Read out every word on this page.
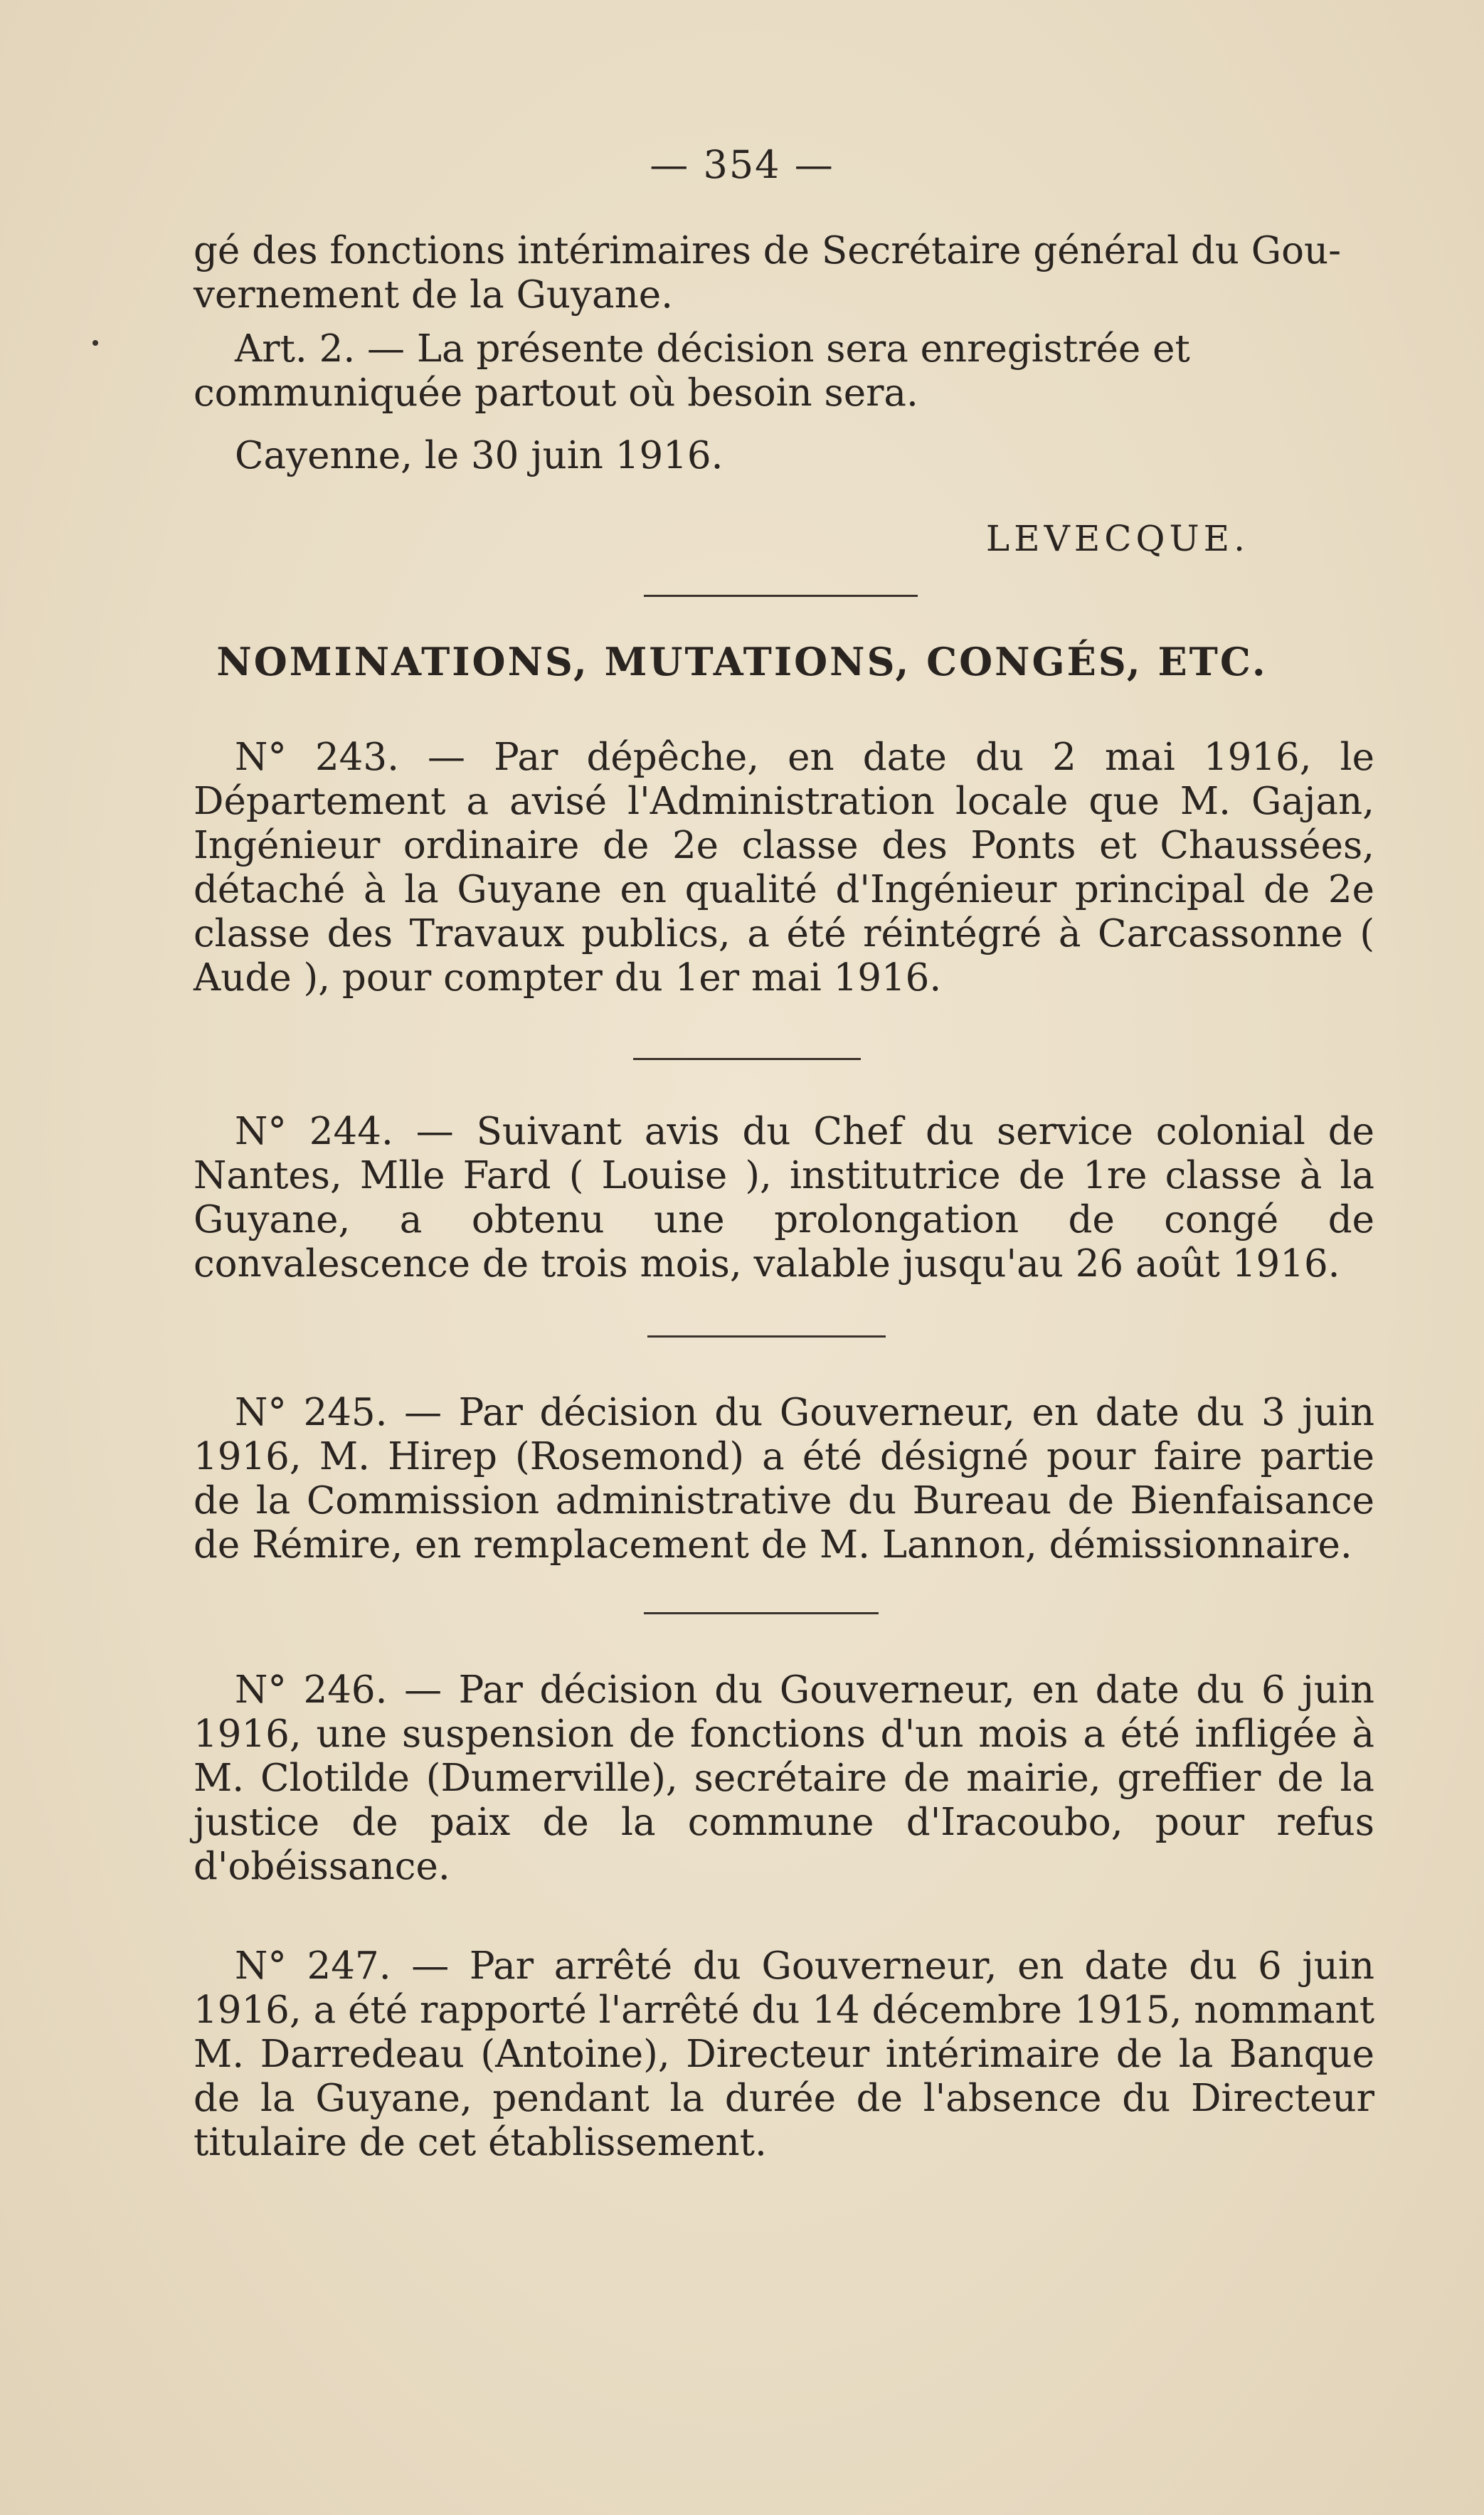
— 354 —

gé des fonctions intérimaires de Secrétaire général du Gou-

vernement de la Guyane.

Art. 2. — La présente décision sera enregistrée et

communiquée partout où besoin sera.

Cayenne, le 30 juin 1916.

LEVECQUE.
NOMINATIONS, MUTATIONS, CONGÉS, ETC.

N° 243. — Par dépêche, en date du 2 mai 1916, le Département a avisé l'Administration locale que M. Gajan, Ingénieur ordinaire de 2e classe des Ponts et Chaussées, détaché à la Guyane en qualité d'Ingénieur principal de 2e classe des Travaux publics, a été réintégré à Carcassonne ( Aude ), pour compter du 1er mai 1916.

N° 244. — Suivant avis du Chef du service colonial de Nantes, Mlle Fard ( Louise ), institutrice de 1re classe à la Guyane, a obtenu une prolongation de congé de convalescence de trois mois, valable jusqu'au 26 août 1916.

N° 245. — Par décision du Gouverneur, en date du 3 juin 1916, M. Hirep (Rosemond) a été désigné pour faire partie de la Commission administrative du Bureau de Bienfaisance de Rémire, en remplacement de M. Lannon, démissionnaire.

N° 246. — Par décision du Gouverneur, en date du 6 juin 1916, une suspension de fonctions d'un mois a été infligée à M. Clotilde (Dumerville), secrétaire de mairie, greffier de la justice de paix de la commune d'Iracoubo, pour refus d'obéissance.

N° 247. — Par arrêté du Gouverneur, en date du 6 juin 1916, a été rapporté l'arrêté du 14 décembre 1915, nommant M. Darredeau (Antoine), Directeur intérimaire de la Banque de la Guyane, pendant la durée de l'absence du Directeur titulaire de cet établissement.
